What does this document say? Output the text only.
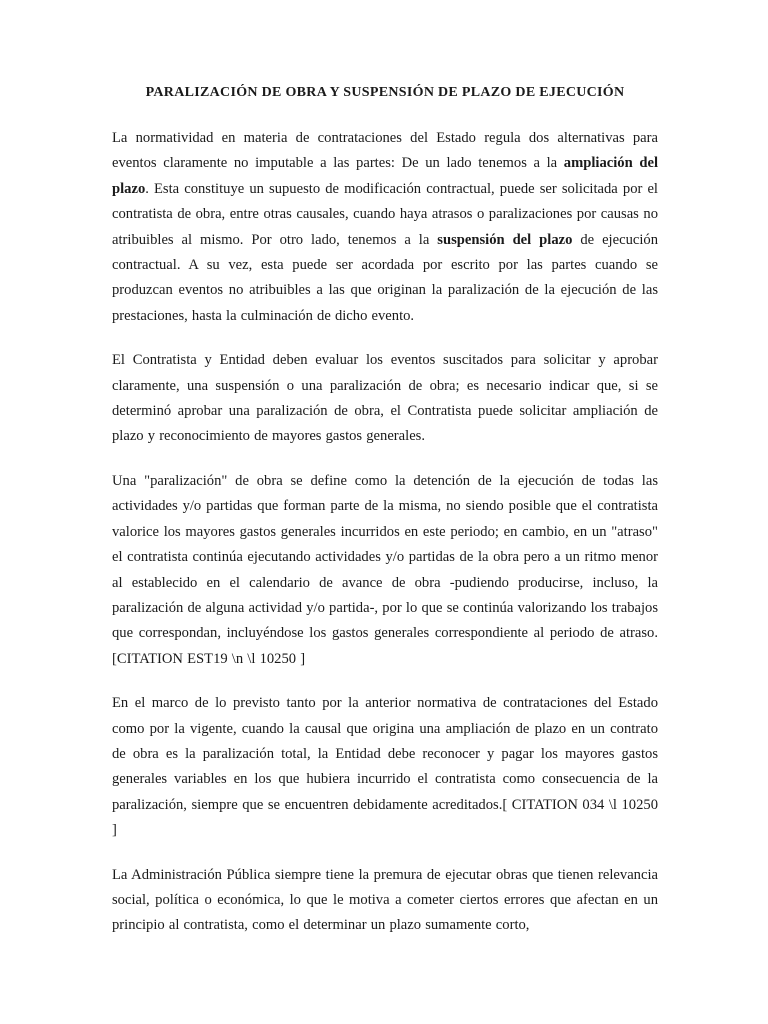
PARALIZACIÓN DE OBRA Y SUSPENSIÓN DE PLAZO DE EJECUCIÓN

La normatividad en materia de contrataciones del Estado regula dos alternativas para eventos claramente no imputable a las partes: De un lado tenemos a la ampliación del plazo. Esta constituye un supuesto de modificación contractual, puede ser solicitada por el contratista de obra, entre otras causales, cuando haya atrasos o paralizaciones por causas no atribuibles al mismo. Por otro lado, tenemos a la suspensión del plazo de ejecución contractual. A su vez, esta puede ser acordada por escrito por las partes cuando se produzcan eventos no atribuibles a las que originan la paralización de la ejecución de las prestaciones, hasta la culminación de dicho evento.

El Contratista y Entidad deben evaluar los eventos suscitados para solicitar y aprobar claramente, una suspensión o una paralización de obra; es necesario indicar que, si se determinó aprobar una paralización de obra, el Contratista puede solicitar ampliación de plazo y reconocimiento de mayores gastos generales.

Una "paralización" de obra se define como la detención de la ejecución de todas las actividades y/o partidas que forman parte de la misma, no siendo posible que el contratista valorice los mayores gastos generales incurridos en este periodo; en cambio, en un "atraso" el contratista continúa ejecutando actividades y/o partidas de la obra pero a un ritmo menor al establecido en el calendario de avance de obra -pudiendo producirse, incluso, la paralización de alguna actividad y/o partida-, por lo que se continúa valorizando los trabajos que correspondan, incluyéndose los gastos generales correspondiente al periodo de atraso.[CITATION EST19 \n \l 10250 ]

En el marco de lo previsto tanto por la anterior normativa de contrataciones del Estado como por la vigente, cuando la causal que origina una ampliación de plazo en un contrato de obra es la paralización total, la Entidad debe reconocer y pagar los mayores gastos generales variables en los que hubiera incurrido el contratista como consecuencia de la paralización, siempre que se encuentren debidamente acreditados.[ CITATION 034 \l 10250 ]

La Administración Pública siempre tiene la premura de ejecutar obras que tienen relevancia social, política o económica, lo que le motiva a cometer ciertos errores que afectan en un principio al contratista, como el determinar un plazo sumamente corto,
